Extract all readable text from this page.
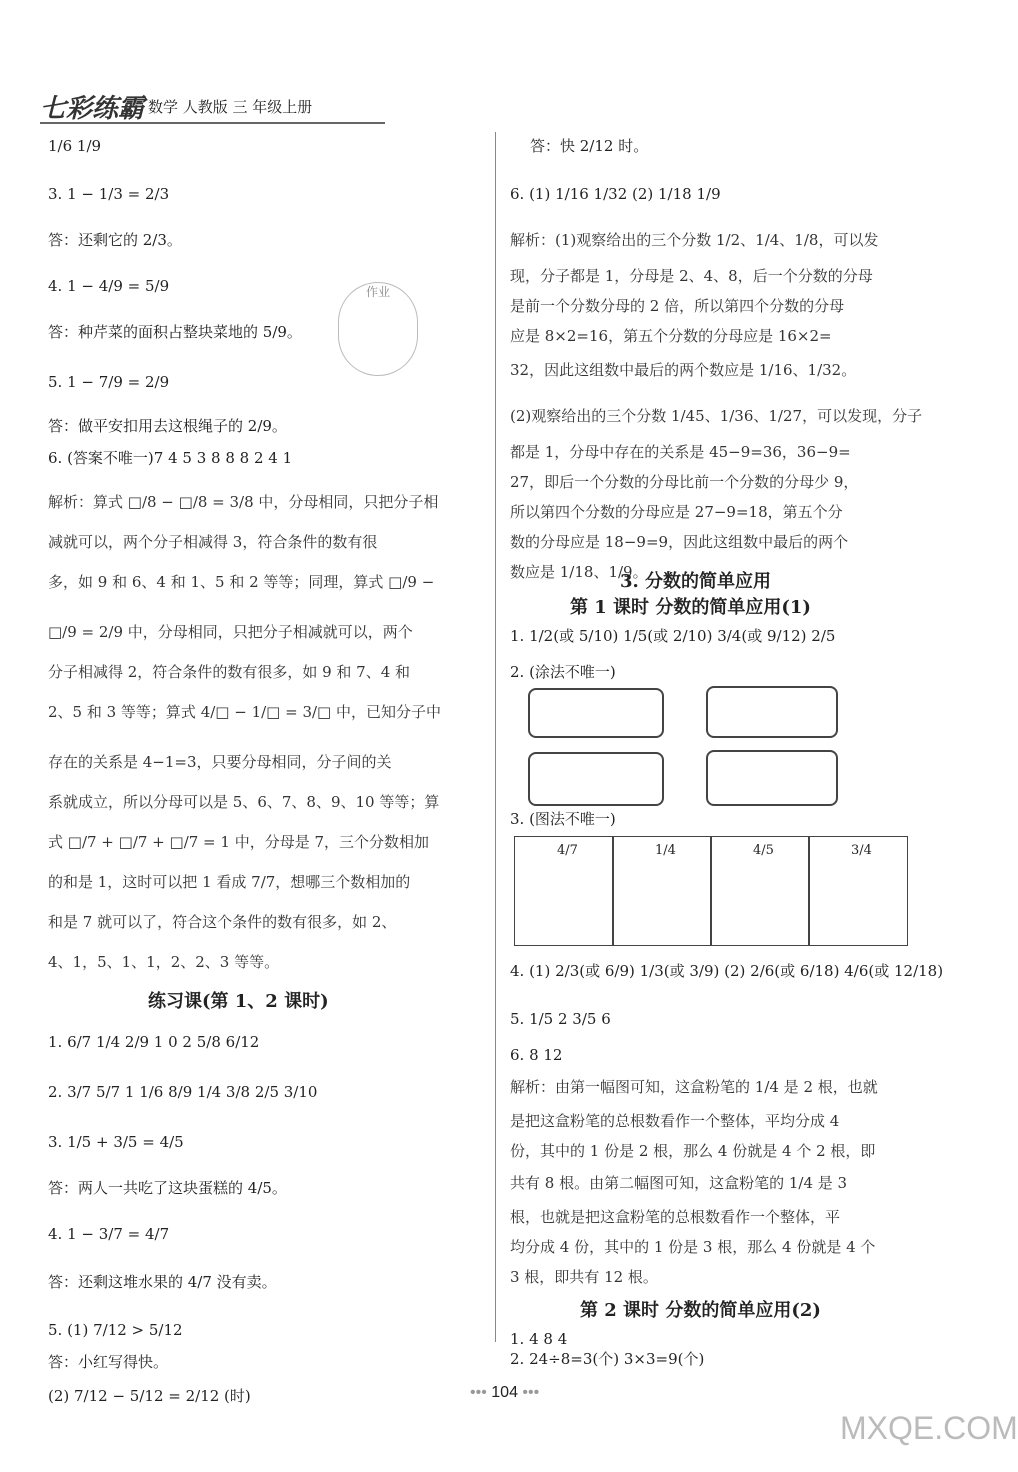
七彩练霸 数学 人教版 三 年级上册
1/6 1/9
3. 1 − 1/3 = 2/3
答：还剩它的 2/3。
4. 1 − 4/9 = 5/9
答：种芹菜的面积占整块菜地的 5/9。
5. 1 − 7/9 = 2/9
答：做平安扣用去这根绳子的 2/9。
6. (答案不唯一)7 4 5 3 8 8 8 2 4 1
解析：算式 □/8 − □/8 = 3/8 中，分母相同，只把分子相
减就可以，两个分子相减得 3，符合条件的数有很
多，如 9 和 6、4 和 1、5 和 2 等等；同理，算式 □/9 −
□/9 = 2/9 中，分母相同，只把分子相减就可以，两个
分子相减得 2，符合条件的数有很多，如 9 和 7、4 和
2、5 和 3 等等；算式 4/□ − 1/□ = 3/□ 中，已知分子中
存在的关系是 4−1=3，只要分母相同，分子间的关
系就成立，所以分母可以是 5、6、7、8、9、10 等等；算
式 □/7 + □/7 + □/7 = 1 中，分母是 7，三个分数相加
的和是 1，这时可以把 1 看成 7/7，想哪三个数相加的
和是 7 就可以了，符合这个条件的数有很多，如 2、
4、1，5、1、1，2、2、3 等等。
练习课(第 1、2 课时)
1. 6/7 1/4 2/9 1 0 2 5/8 6/12
2. 3/7 5/7 1 1/6 8/9 1/4 3/8 2/5 3/10
3. 1/5 + 3/5 = 4/5
答：两人一共吃了这块蛋糕的 4/5。
4. 1 − 3/7 = 4/7
答：还剩这堆水果的 4/7 没有卖。
5. (1) 7/12 > 5/12
答：小红写得快。
(2) 7/12 − 5/12 = 2/12 (时)
作业
答：快 2/12 时。
6. (1) 1/16 1/32 (2) 1/18 1/9
解析：(1)观察给出的三个分数 1/2、1/4、1/8，可以发
现，分子都是 1，分母是 2、4、8，后一个分数的分母
是前一个分数分母的 2 倍，所以第四个分数的分母
应是 8×2=16，第五个分数的分母应是 16×2=
32，因此这组数中最后的两个数应是 1/16、1/32。
(2)观察给出的三个分数 1/45、1/36、1/27，可以发现，分子
都是 1，分母中存在的关系是 45−9=36，36−9=
27，即后一个分数的分母比前一个分数的分母少 9，
所以第四个分数的分母应是 27−9=18，第五个分
数的分母应是 18−9=9，因此这组数中最后的两个
数应是 1/18、1/9。
3. 分数的简单应用
第 1 课时 分数的简单应用(1)
1. 1/2(或 5/10) 1/5(或 2/10) 3/4(或 9/12) 2/5
2. (涂法不唯一)
3. (图法不唯一)
4/7	1/4	4/5	3/4
4. (1) 2/3(或 6/9) 1/3(或 3/9) (2) 2/6(或 6/18) 4/6(或 12/18)
5. 1/5 2 3/5 6
6. 8 12
解析：由第一幅图可知，这盒粉笔的 1/4 是 2 根，也就
是把这盒粉笔的总根数看作一个整体，平均分成 4
份，其中的 1 份是 2 根，那么 4 份就是 4 个 2 根，即
共有 8 根。由第二幅图可知，这盒粉笔的 1/4 是 3
根，也就是把这盒粉笔的总根数看作一个整体，平
均分成 4 份，其中的 1 份是 3 根，那么 4 份就是 4 个
3 根，即共有 12 根。
第 2 课时 分数的简单应用(2)
1. 4 8 4
2. 24÷8=3(个) 3×3=9(个)
••• 104 •••
MXQE.COM
